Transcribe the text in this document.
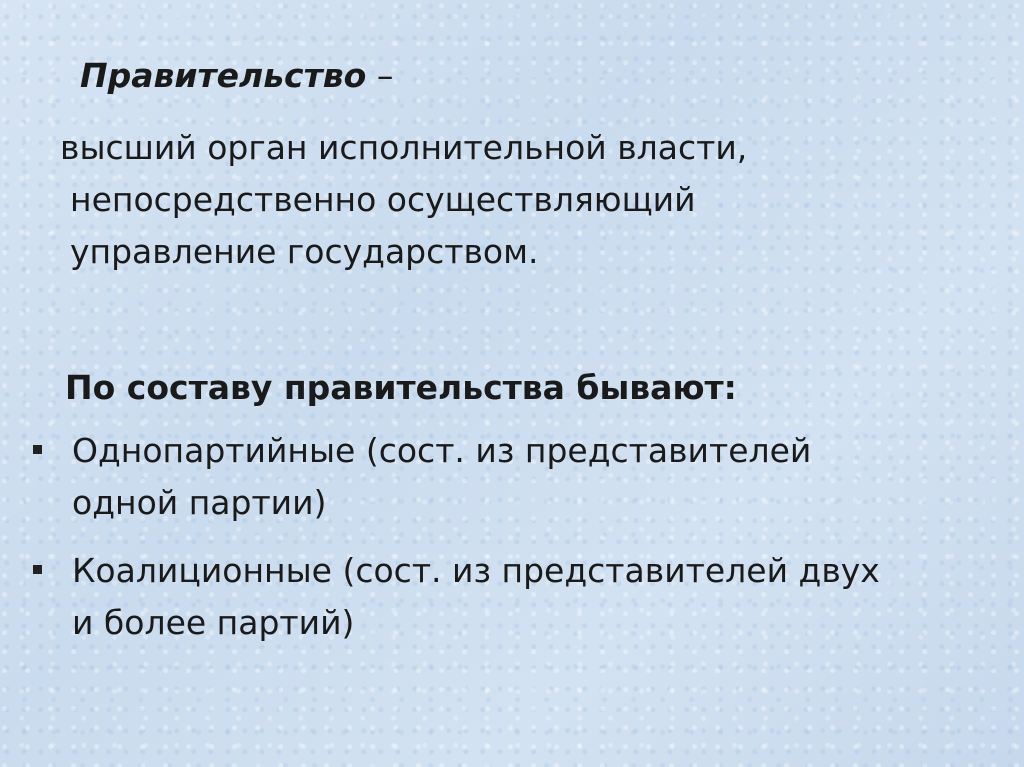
Правительство –
высший орган исполнительной власти,
непосредственно осуществляющий
управление государством.
По составу правительства бывают:
Однопартийные (сост. из представителей
одной партии)
Коалиционные (сост. из представителей двух
и более партий)
